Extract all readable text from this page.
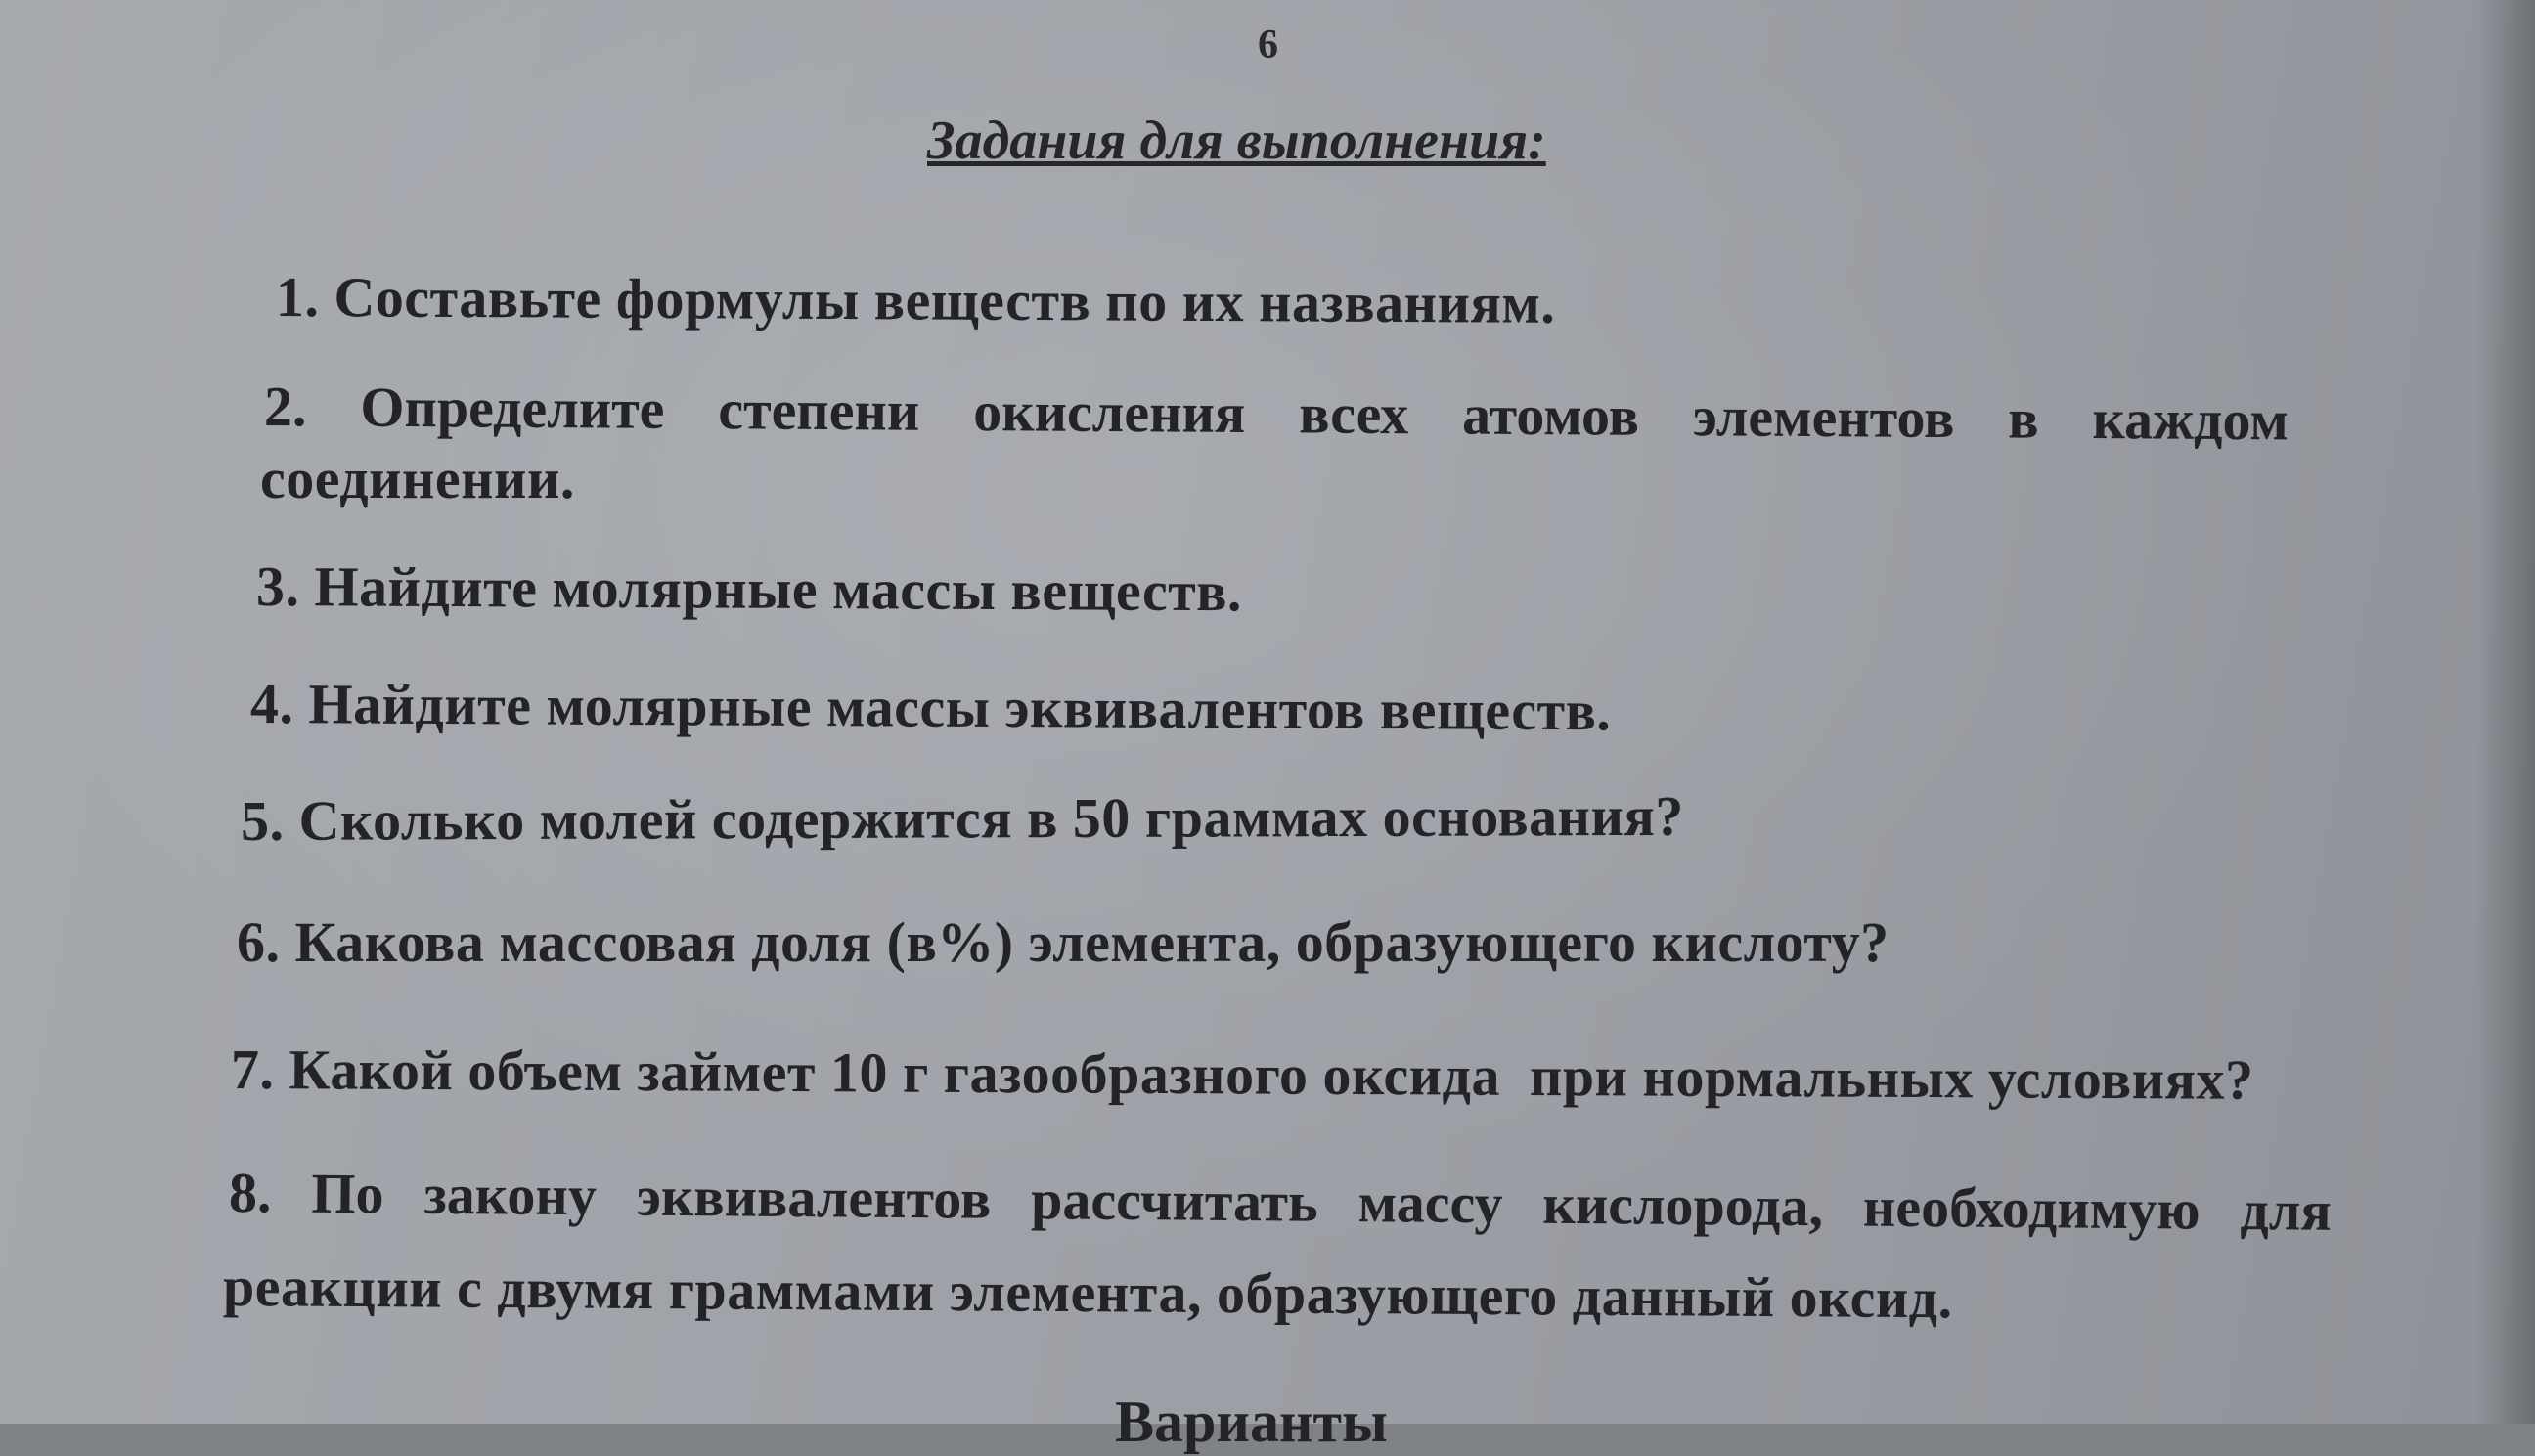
6
Задания для выполнения:
1. Составьте формулы веществ по их названиям.
2. Определите степени окисления всех атомов элементов в каждом
соединении.
3. Найдите молярные массы веществ.
4. Найдите молярные массы эквивалентов веществ.
5. Сколько молей содержится в 50 граммах основания?
6. Какова массовая доля (в%) элемента, образующего кислоту?
7. Какой объем займет 10 г газообразного оксида  при нормальных условиях?
8. По закону эквивалентов рассчитать массу кислорода, необходимую для
реакции с двумя граммами элемента, образующего данный оксид.
Варианты
